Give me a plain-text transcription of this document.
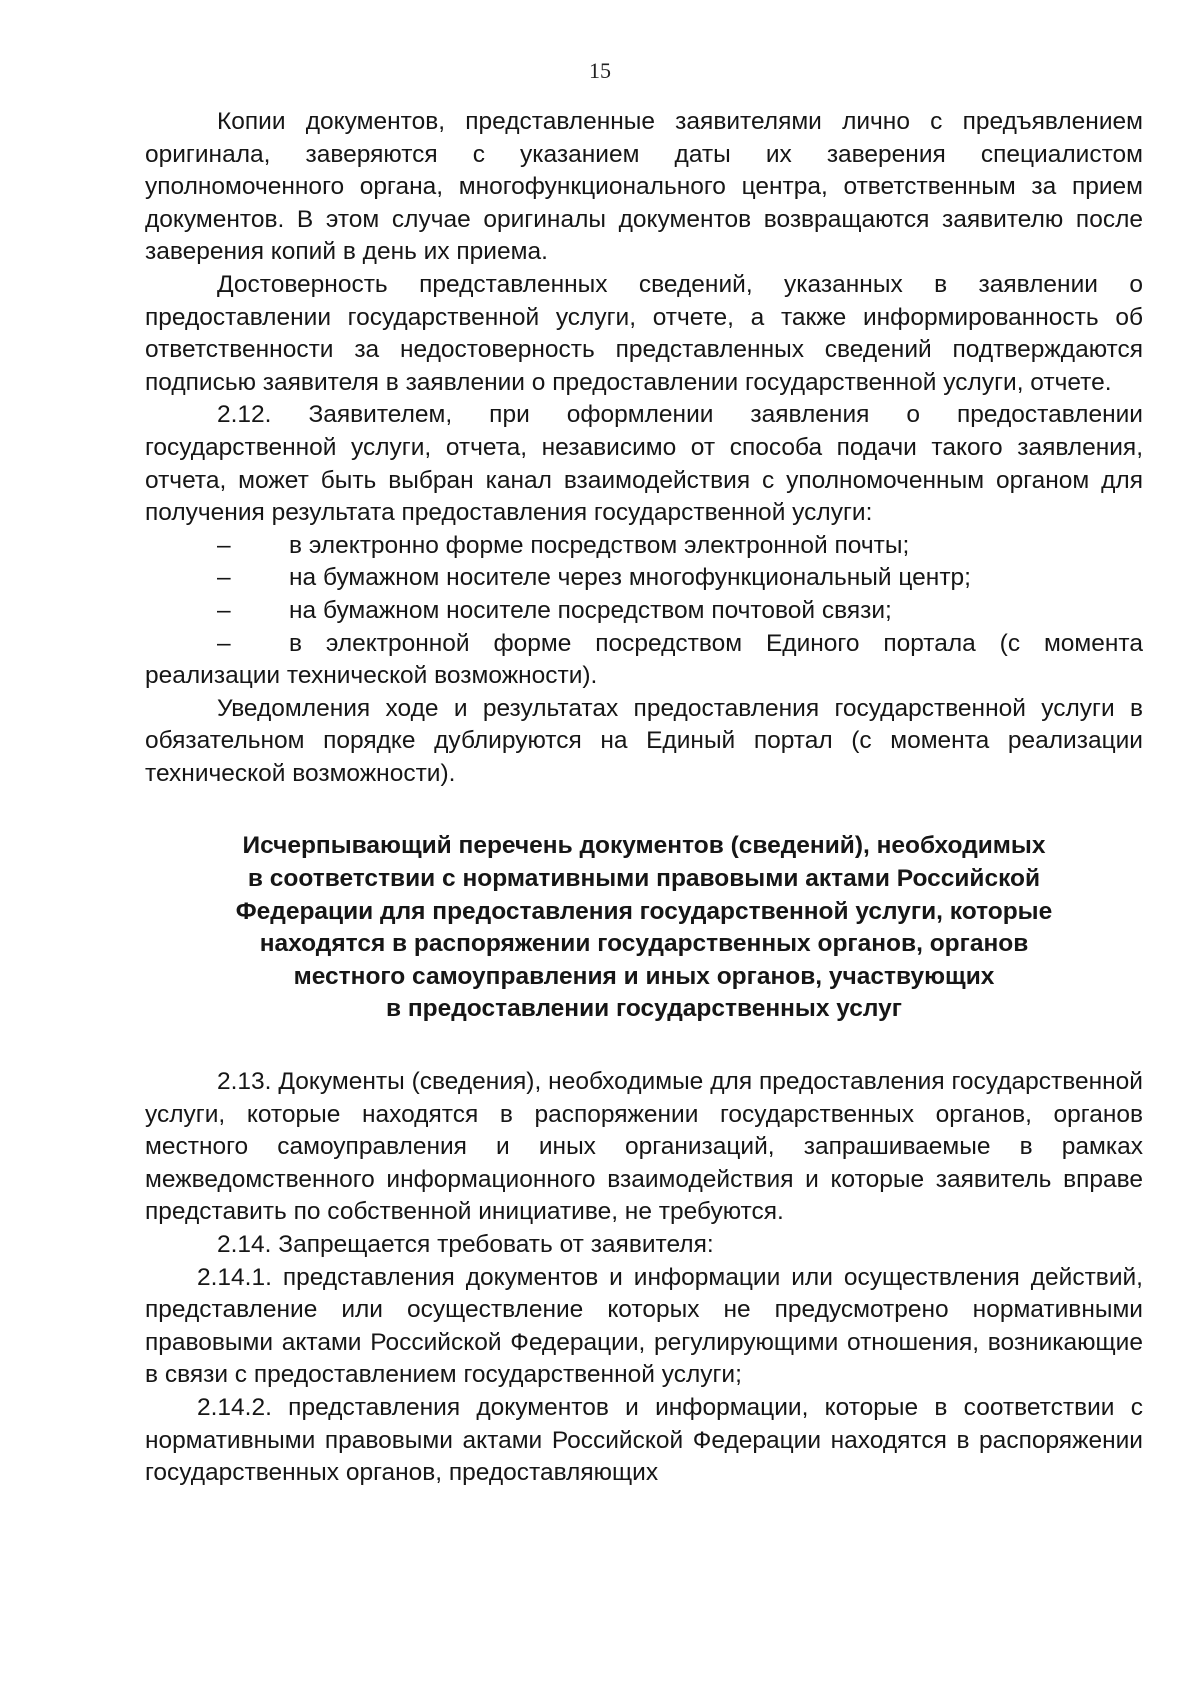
15

Копии документов, представленные заявителями лично с предъявлением оригинала, заверяются с указанием даты их заверения специалистом уполномоченного органа, многофункционального центра, ответственным за прием документов. В этом случае оригиналы документов возвращаются заявителю после заверения копий в день их приема.

Достоверность представленных сведений, указанных в заявлении о предоставлении государственной услуги, отчете, а также информированность об ответственности за недостоверность представленных сведений подтверждаются подписью заявителя в заявлении о предоставлении государственной услуги, отчете.

2.12. Заявителем, при оформлении заявления о предоставлении государственной услуги, отчета, независимо от способа подачи такого заявления, отчета, может быть выбран канал взаимодействия с уполномоченным органом для получения результата предоставления государственной услуги:

– в электронно форме посредством электронной почты;

– на бумажном носителе через многофункциональный центр;

– на бумажном носителе посредством почтовой связи;

– в электронной форме посредством Единого портала (с момента реализации технической возможности).

Уведомления ходе и результатах предоставления государственной услуги в обязательном порядке дублируются на Единый портал (с момента реализации технической возможности).

Исчерпывающий перечень документов (сведений), необходимых
в соответствии с нормативными правовыми актами Российской
Федерации для предоставления государственной услуги, которые
находятся в распоряжении государственных органов, органов
местного самоуправления и иных органов, участвующих
в предоставлении государственных услуг

2.13. Документы (сведения), необходимые для предоставления государственной услуги, которые находятся в распоряжении государственных органов, органов местного самоуправления и иных организаций, запрашиваемые в рамках межведомственного информационного взаимодействия и которые заявитель вправе представить по собственной инициативе, не требуются.

2.14. Запрещается требовать от заявителя:

2.14.1. представления документов и информации или осуществления действий, представление или осуществление которых не предусмотрено нормативными правовыми актами Российской Федерации, регулирующими отношения, возникающие в связи с предоставлением государственной услуги;

2.14.2. представления документов и информации, которые в соответствии с нормативными правовыми актами Российской Федерации находятся в распоряжении государственных органов, предоставляющих
